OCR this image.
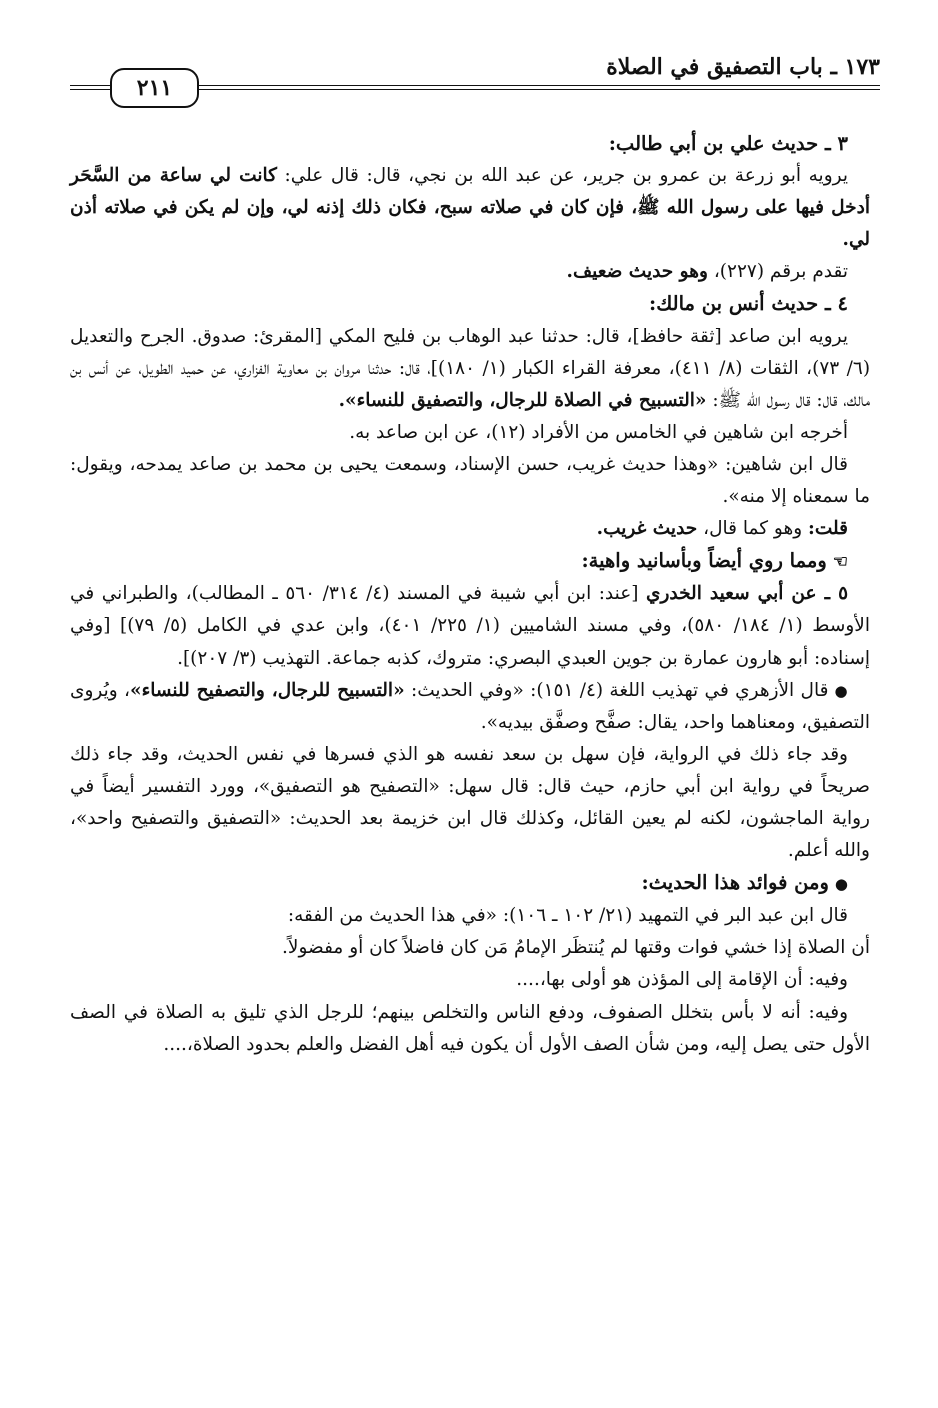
١٧٣ ـ باب التصفيق في الصلاة
٢١١

٣ ـ حديث علي بن أبي طالب:

يرويه أبو زرعة بن عمرو بن جرير، عن عبد الله بن نجي، قال: قال علي: كانت لي ساعة من السَّحَر أدخل فيها على رسول الله ﷺ، فإن كان في صلاته سبح، فكان ذلك إذنه لي، وإن لم يكن في صلاته أذن لي.

تقدم برقم (٢٢٧)، وهو حديث ضعيف.

٤ ـ حديث أنس بن مالك:

يرويه ابن صاعد [ثقة حافظ]، قال: حدثنا عبد الوهاب بن فليح المكي [المقرئ: صدوق. الجرح والتعديل (٦/ ٧٣)، الثقات (٨/ ٤١١)، معرفة القراء الكبار (١/ ١٨٠)]، قال: حدثنا مروان بن معاوية الفزاري، عن حميد الطويل، عن أنس بن مالك، قال: قال رسول الله ﷺ: «التسبيح في الصلاة للرجال، والتصفيق للنساء».

أخرجه ابن شاهين في الخامس من الأفراد (١٢)، عن ابن صاعد به.

قال ابن شاهين: «وهذا حديث غريب، حسن الإسناد، وسمعت يحيى بن محمد بن صاعد يمدحه، ويقول: ما سمعناه إلا منه».

قلت: وهو كما قال، حديث غريب.

☜ومما روي أيضاً وبأسانيد واهية:

٥ ـ عن أبي سعيد الخدري [عند: ابن أبي شيبة في المسند (٤/ ٣١٤/ ٥٦٠ ـ المطالب)، والطبراني في الأوسط (١/ ١٨٤/ ٥٨٠)، وفي مسند الشاميين (١/ ٢٢٥/ ٤٠١)، وابن عدي في الكامل (٥/ ٧٩)] [وفي إسناده: أبو هارون عمارة بن جوين العبدي البصري: متروك، كذبه جماعة. التهذيب (٣/ ٢٠٧)].

●قال الأزهري في تهذيب اللغة (٤/ ١٥١): «وفي الحديث: «التسبيح للرجال، والتصفيح للنساء»، ويُروى التصفيق، ومعناهما واحد، يقال: صفَّح وصفَّق بيديه».

وقد جاء ذلك في الرواية، فإن سهل بن سعد نفسه هو الذي فسرها في نفس الحديث، وقد جاء ذلك صريحاً في رواية ابن أبي حازم، حيث قال: قال سهل: «التصفيح هو التصفيق»، وورد التفسير أيضاً في رواية الماجشون، لكنه لم يعين القائل، وكذلك قال ابن خزيمة بعد الحديث: «التصفيق والتصفيح واحد»، والله أعلم.

●ومن فوائد هذا الحديث:

قال ابن عبد البر في التمهيد (٢١/ ١٠٢ ـ ١٠٦): «في هذا الحديث من الفقه:

أن الصلاة إذا خشي فوات وقتها لم يُنتظَر الإمامُ مَن كان فاضلاً كان أو مفضولاً.

وفيه: أن الإقامة إلى المؤذن هو أولى بها،....

وفيه: أنه لا بأس بتخلل الصفوف، ودفع الناس والتخلص بينهم؛ للرجل الذي تليق به الصلاة في الصف الأول حتى يصل إليه، ومن شأن الصف الأول أن يكون فيه أهل الفضل والعلم بحدود الصلاة،....
